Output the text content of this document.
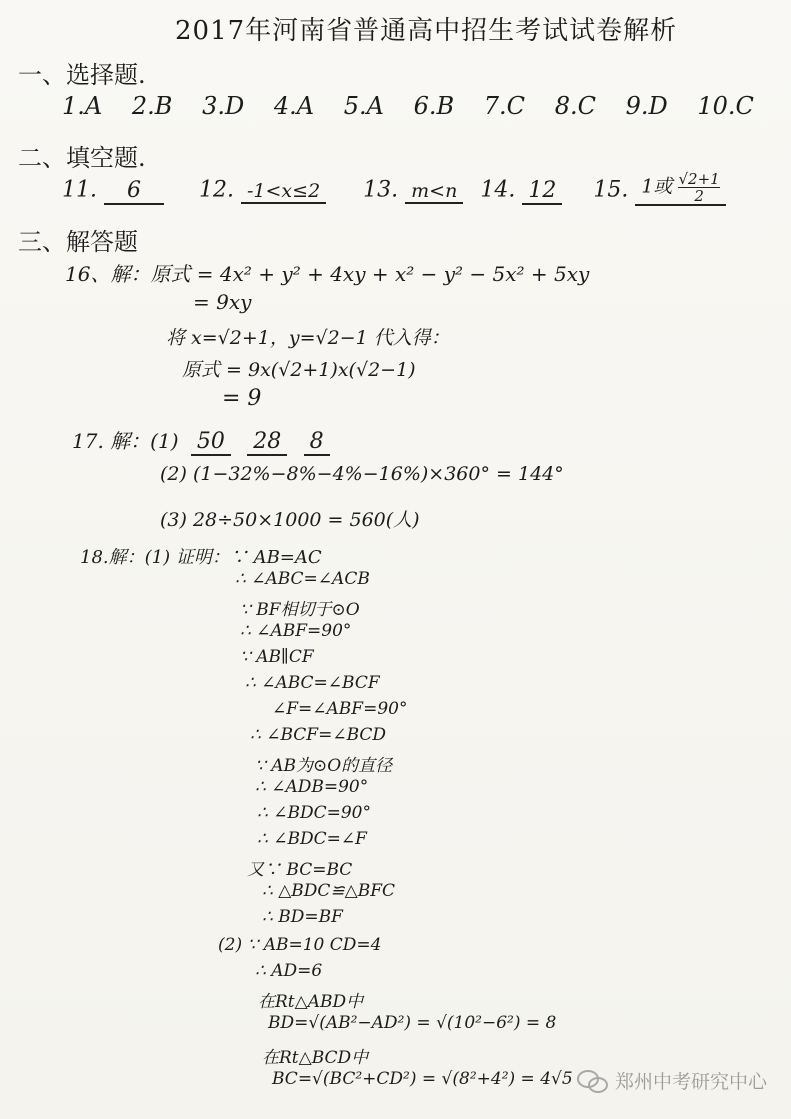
2017年河南省普通高中招生考试试卷解析
一、选择题.
1.A 2.B 3.D 4.A 5.A 6.B 7.C 8.C 9.D 10.C
二、填空题.
11. 6	12. -1<x≤2 13. m<n 14. 12 15. 1或 $\frac{√2+1}{2}$
三、解答题
16、解：原式 = 4x² + y² + 4xy + x² − y² − 5x² + 5xy
= 9xy
将 x=√2+1，y=√2−1 代入得：
原式 = 9x(√2+1)x(√2−1)
= 9
17. 解：(1) 50 28 8
(2) (1−32%−8%−4%−16%)×360° = 144°
(3) 28÷50×1000 = 560(人)
18.解：(1) 证明：∵ AB=AC
∴ ∠ABC=∠ACB
∵ BF相切于⊙O
∴ ∠ABF=90°
∵ AB∥CF
∴ ∠ABC=∠BCF
∠F=∠ABF=90°
∴ ∠BCF=∠BCD
∵ AB为⊙O的直径
∴ ∠ADB=90°
∴ ∠BDC=90°
∴ ∠BDC=∠F
又∵ BC=BC
∴ △BDC≌△BFC
∴ BD=BF
(2) ∵ AB=10 CD=4
∴ AD=6
在Rt△ABD中
BD=√(AB²−AD²) = √(10²−6²) = 8
在Rt△BCD中
BC=√(BC²+CD²) = √(8²+4²) = 4√5 郑州中考研究中心
